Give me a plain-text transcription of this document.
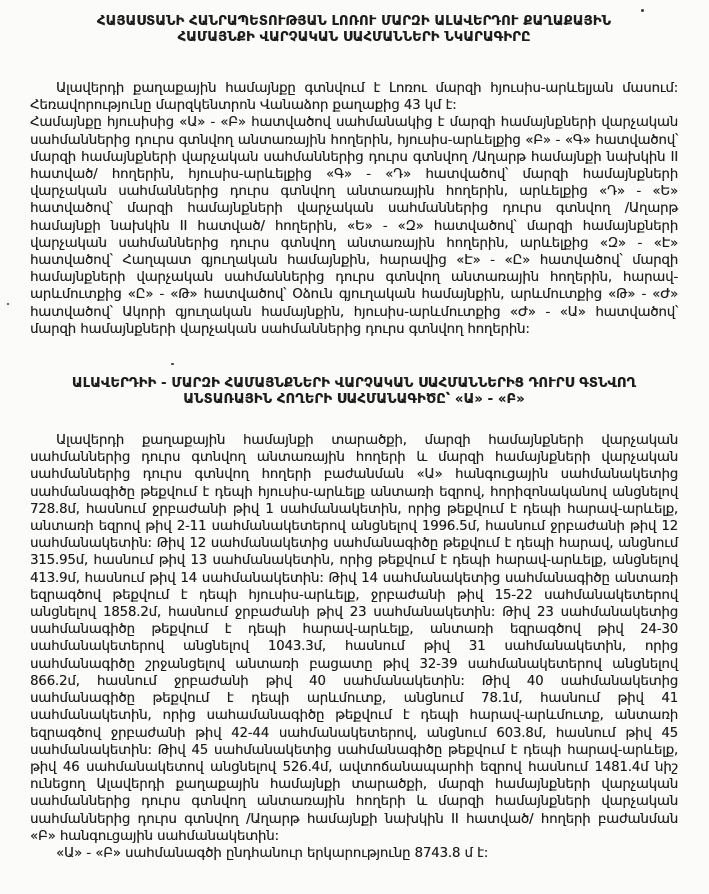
ՀԱՅԱՍՏԱՆԻ ՀԱՆՐԱՊԵՏՈՒԹՅԱՆ ԼՈՌՈՒ ՄԱՐԶԻ ԱԼԱՎԵՐԴՈՒ ՔԱՂԱՔԱՅԻՆ
ՀԱՄԱՅՆՔԻ ՎԱՐՉԱԿԱՆ ՍԱՀՄԱՆՆԵՐԻ ՆԿԱՐԱԳԻՐԸ

Ալավերդի քաղաքային համայնքը գտնվում է Լոռու մարզի հյուսիս-արևելյան մասում: Հեռավորությունը մարզկենտրոն Վանաձոր քաղաքից 43 կմ է:

Համայնքը հյուսիսից «Ա» - «Բ» հատվածով սահմանակից է մարզի համայնքների վարչական սահմաններից դուրս գտնվող անտառային հողերին, հյուսիս-արևելքից «Բ» - «Գ» հատվածով՝ մարզի համայնքների վարչական սահմաններից դուրս գտնվող /Աղարթ համայնքի նախկին II հատված/ հողերին, հյուսիս-արևելքից «Գ» - «Դ» հատվածով՝ մարզի համայնքների վարչական սահմաններից դուրս գտնվող անտառային հողերին, արևելքից «Դ» - «Ե» հատվածով՝ մարզի համայնքների վարչական սահմաններից դուրս գտնվող /Աղարթ համայնքի նախկին II հատված/ հողերին, «Ե» - «Զ» հատվածով՝ մարզի համայնքների վարչական սահմաններից դուրս գտնվող անտառային հողերին, արևելքից «Զ» - «Է» հատվածով՝ Հաղպատ գյուղական համայնքին, հարավից «Է» - «Ը» հատվածով՝ մարզի համայնքների վարչական սահմաններից դուրս գտնվող անտառային հողերին, հարավ-արևմուտքից «Ը» - «Թ» հատվածով՝ Օձուն գյուղական համայնքին, արևմուտքից «Թ» - «Ժ» հատվածով՝ Ակորի գյուղական համայնքին, հյուսիս-արևմուտքից «Ժ» - «Ա» հատվածով՝ մարզի համայնքների վարչական սահմաններից դուրս գտնվող հողերին:

ԱԼԱՎԵՐԴԻԻ - ՄԱՐԶԻ ՀԱՄԱՅՆՔՆԵՐԻ ՎԱՐՉԱԿԱՆ ՍԱՀՄԱՆՆԵՐԻՑ ԴՈՒՐՍ ԳՏՆՎՈՂ
ԱՆՏԱՌԱՅԻՆ ՀՈՂԵՐԻ ՍԱՀՄԱՆԱԳԻԾԸ՝ «Ա» - «Բ»

Ալավերդի քաղաքային համայնքի տարածքի, մարզի համայնքների վարչական սահմաններից դուրս գտնվող անտառային հողերի և մարզի համայնքների վարչական սահմաններից դուրս գտնվող հողերի բաժանման «Ա» հանգուցային սահմանակետից սահմանագիծը թեքվում է դեպի հյուսիս-արևելք անտառի եզրով, հորիզոնականով անցնելով 728.8մ, հասնում ջրբաժանի թիվ 1 սահմանակետին, որից թեքվում է դեպի հարավ-արևելք, անտառի եզրով թիվ 2-11 սահմանակետերով անցնելով 1996.5մ, հասնում ջրբաժանի թիվ 12 սահմանակետին: Թիվ 12 սահմանակետից սահմանագիծը թեքվում է դեպի հարավ, անցնում 315.95մ, հասնում թիվ 13 սահմանակետին, որից թեքվում է դեպի հարավ-արևելք, անցնելով 413.9մ, հասնում թիվ 14 սահմանակետին: Թիվ 14 սահմանակետից սահմանագիծը անտառի եզրագծով թեքվում է դեպի հյուսիս-արևելք, ջրբաժանի թիվ 15-22 սահմանակետերով անցնելով 1858.2մ, հասնում ջրբաժանի թիվ 23 սահմանակետին: Թիվ 23 սահմանակետից սահմանագիծը թեքվում է դեպի հարավ-արևելք, անտառի եզրագծով թիվ 24-30 սահմանակետերով անցնելով 1043.3մ, հասնում թիվ 31 սահմանակետին, որից սահմանագիծը շրջանցելով անտառի բացատը թիվ 32-39 սահմանակետերով անցնելով 866.2մ, հասնում ջրբաժանի թիվ 40 սահմանակետին: Թիվ 40 սահմանակետից սահմանագիծը թեքվում է դեպի արևմուտք, անցնում 78.1մ, հասնում թիվ 41 սահմանակետին, որից սահամանագիծը թեքվում է դեպի հարավ-արևմուտք, անտառի եզրագծով ջրբաժանի թիվ 42-44 սահմանակետերով, անցնում 603.8մ, հասնում թիվ 45 սահմանակետին: Թիվ 45 սահմանակետից սահմանագիծը թեքվում է դեպի հարավ-արևելք, թիվ 46 սահմանակետով անցնելով 526.4մ, ավտոճանապարհի եզրով հասնում 1481.4մ նիշ ունեցող Ալավերդի քաղաքային համայնքի տարածքի, մարզի համայնքների վարչական սահմաններից դուրս գտնվող անտառային հողերի և մարզի համայնքների վարչական սահմաններից դուրս գտնվող /Աղարթ համայնքի նախկին II հատված/ հողերի բաժանման «Բ» հանգուցային սահմանակետին:

«Ա» - «Բ» սահմանագծի ընդհանուր երկարությունը 8743.8 մ է:
